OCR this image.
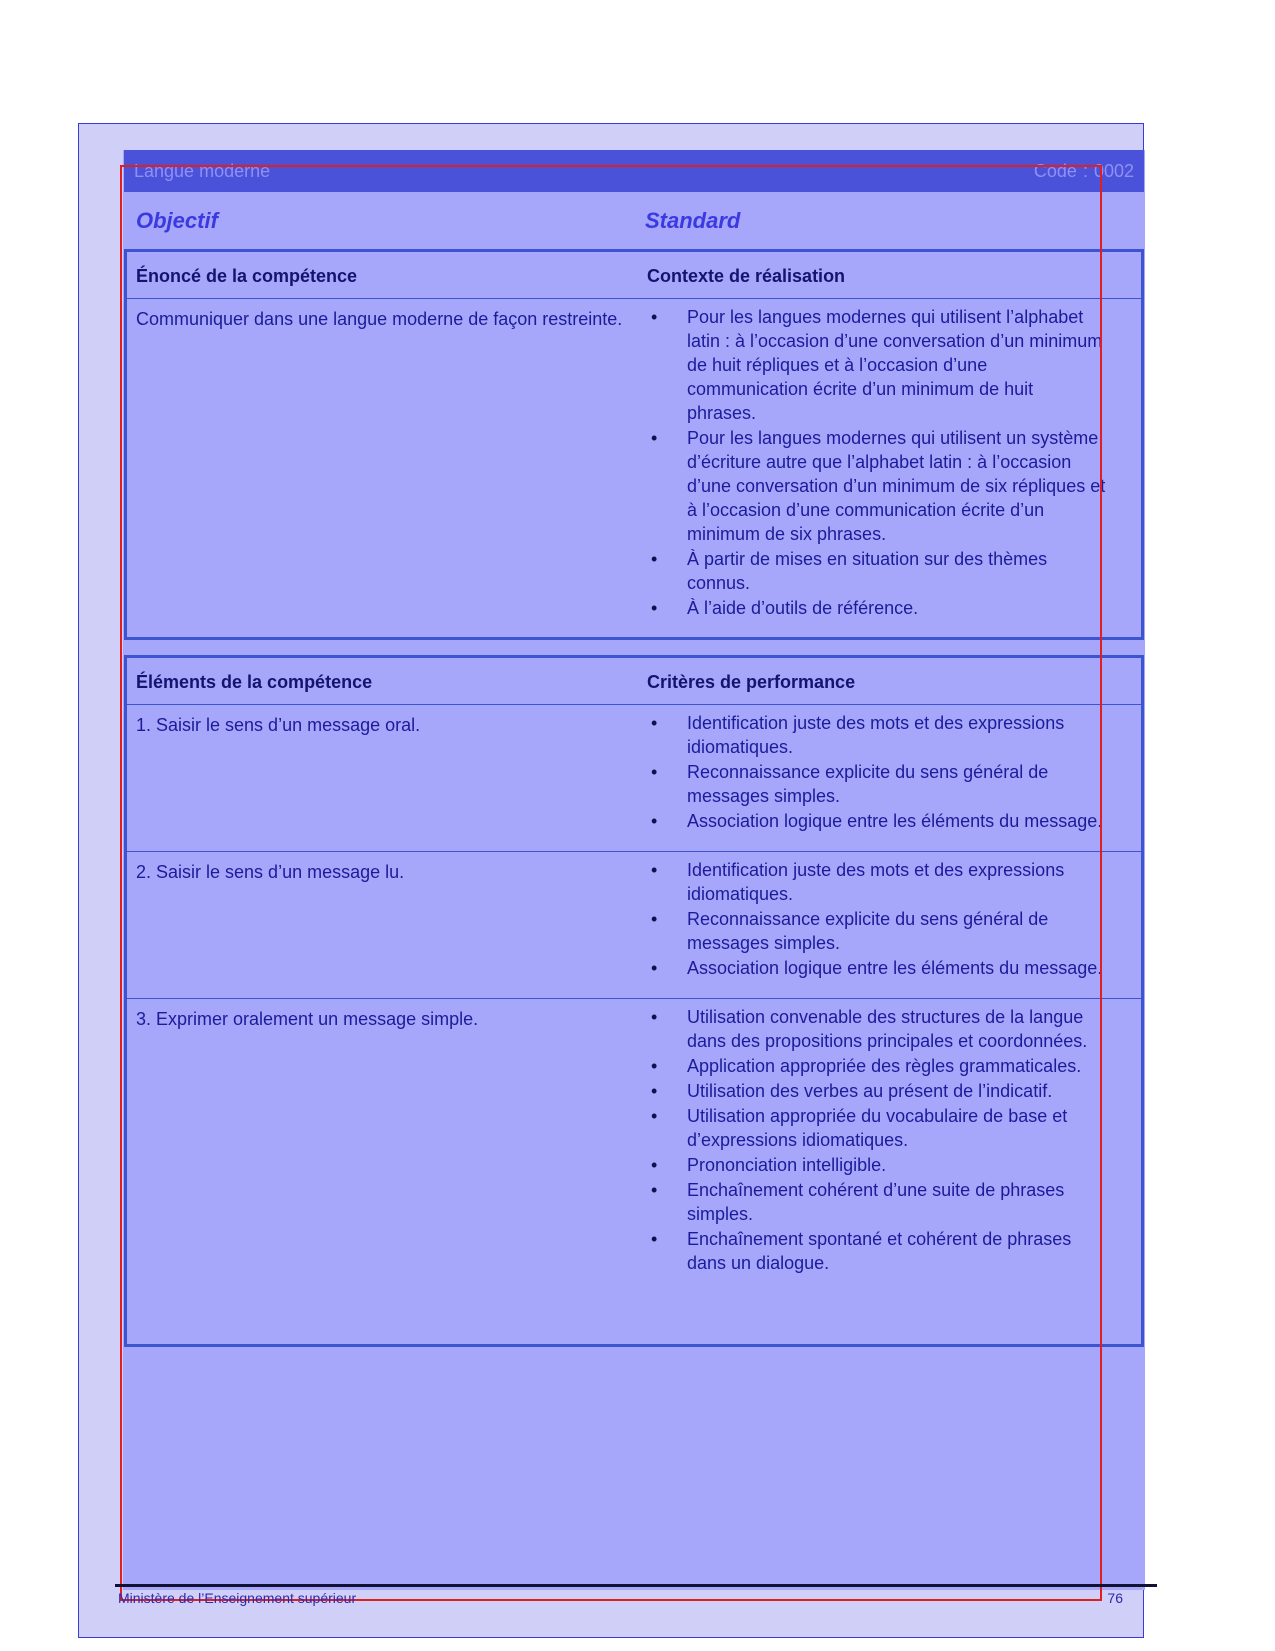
Langue moderne	Code : 0002
Objectif	Standard
Énoncé de la compétence	Contexte de réalisation
Communiquer dans une langue moderne de façon restreinte.	• Pour les langues modernes qui utilisent l’alphabet latin : à l’occasion d’une conversation d’un minimum de huit répliques et à l’occasion d’une communication écrite d’un minimum de huit phrases.
• Pour les langues modernes qui utilisent un système d’écriture autre que l’alphabet latin : à l’occasion d’une conversation d’un minimum de six répliques et à l’occasion d’une communication écrite d’un minimum de six phrases.
• À partir de mises en situation sur des thèmes connus.
• À l’aide d’outils de référence.
Éléments de la compétence	Critères de performance
1. Saisir le sens d’un message oral.	• Identification juste des mots et des expressions idiomatiques.
• Reconnaissance explicite du sens général de messages simples.
• Association logique entre les éléments du message.
2. Saisir le sens d’un message lu.	• Identification juste des mots et des expressions idiomatiques.
• Reconnaissance explicite du sens général de messages simples.
• Association logique entre les éléments du message.
3. Exprimer oralement un message simple.	• Utilisation convenable des structures de la langue dans des propositions principales et coordonnées.
• Application appropriée des règles grammaticales.
• Utilisation des verbes au présent de l’indicatif.
• Utilisation appropriée du vocabulaire de base et d’expressions idiomatiques.
• Prononciation intelligible.
• Enchaînement cohérent d’une suite de phrases simples.
• Enchaînement spontané et cohérent de phrases dans un dialogue.
Ministère de l’Enseignement supérieur	76
